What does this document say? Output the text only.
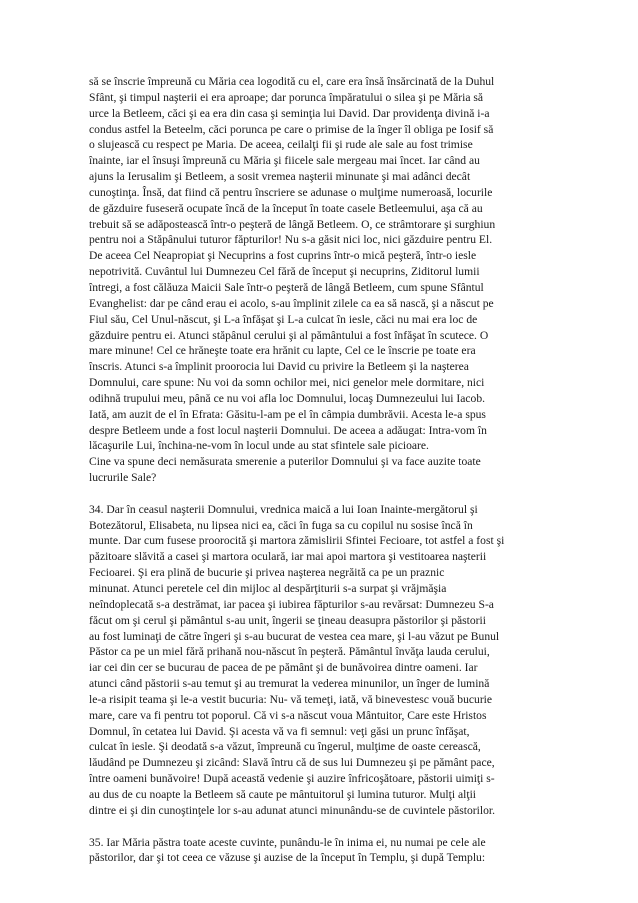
să se înscrie împreună cu Măria cea logodită cu el, care era însă însărcinată de la Duhul
Sfânt, şi timpul naşterii ei era aproape; dar porunca împăratului o silea şi pe Măria să
urce la Betleem, căci şi ea era din casa şi seminţia lui David. Dar providenţa divină i-a
condus astfel la Beteelm, căci porunca pe care o primise de la înger îl obliga pe Iosif să
o slujească cu respect pe Maria. De aceea, ceilalţi fii şi rude ale sale au fost trimise
înainte, iar el însuşi împreună cu Măria şi fiicele sale mergeau mai încet. Iar când au
ajuns la Ierusalim şi Betleem, a sosit vremea naşterii minunate şi mai adânci decât
cunoştinţa. Însă, dat fiind că pentru înscriere se adunase o mulţime numeroasă, locurile
de găzduire fuseseră ocupate încă de la început în toate casele Betleemului, aşa că au
trebuit să se adăpostească într-o peşteră de lângă Betleem. O, ce strâmtorare şi surghiun
pentru noi a Stăpânului tuturor făpturilor! Nu s-a găsit nici loc, nici găzduire pentru El.
De aceea Cel Neapropiat şi Necuprins a fost cuprins într-o mică peşteră, într-o iesle
nepotrivită. Cuvântul lui Dumnezeu Cel fără de început şi necuprins, Ziditorul lumii
întregi, a fost călăuza Maicii Sale într-o peşteră de lângă Betleem, cum spune Sfântul
Evanghelist: dar pe când erau ei acolo, s-au împlinit zilele ca ea să nască, şi a născut pe
Fiul său, Cel Unul-născut, şi L-a înfăşat şi L-a culcat în iesle, căci nu mai era loc de
găzduire pentru ei. Atunci stăpânul cerului şi al pământului a fost înfăşat în scutece. O
mare minune! Cel ce hrăneşte toate era hrănit cu lapte, Cel ce le înscrie pe toate era
înscris. Atunci s-a împlinit proorocia lui David cu privire la Betleem şi la naşterea
Domnului, care spune: Nu voi da somn ochilor mei, nici genelor mele dormitare, nici
odihnă trupului meu, până ce nu voi afla loc Domnului, locaş Dumnezeului lui Iacob.
Iată, am auzit de el în Efrata: Găsitu-l-am pe el în câmpia dumbrăvii. Acesta le-a spus
despre Betleem unde a fost locul naşterii Domnului. De aceea a adăugat: Intra-vom în
lăcaşurile Lui, închina-ne-vom în locul unde au stat sfintele sale picioare.
Cine va spune deci nemăsurata smerenie a puterilor Domnului şi va face auzite toate
lucrurile Sale?
34. Dar în ceasul naşterii Domnului, vrednica maică a lui Ioan Inainte-mergătorul şi
Botezătorul, Elisabeta, nu lipsea nici ea, căci în fuga sa cu copilul nu sosise încă în
munte. Dar cum fusese proorocită şi martora zămislirii Sfintei Fecioare, tot astfel a fost şi
păzitoare slăvită a casei şi martora oculară, iar mai apoi martora şi vestitoarea naşterii
Fecioarei. Şi era plină de bucurie şi privea naşterea negrăită ca pe un praznic
minunat. Atunci peretele cel din mijloc al despărţiturii s-a surpat şi vrăjmăşia
neîndoplecată s-a destrămat, iar pacea şi iubirea făpturilor s-au revărsat: Dumnezeu S-a
făcut om şi cerul şi pământul s-au unit, îngerii se ţineau deasupra păstorilor şi păstorii
au fost luminaţi de către îngeri şi s-au bucurat de vestea cea mare, şi l-au văzut pe Bunul
Păstor ca pe un miel fără prihană nou-născut în peşteră. Pământul învăţa lauda cerului,
iar cei din cer se bucurau de pacea de pe pământ şi de bunăvoirea dintre oameni. Iar
atunci când păstorii s-au temut şi au tremurat la vederea minunilor, un înger de lumină
le-a risipit teama şi le-a vestit bucuria: Nu- vă temeţi, iată, vă binevestesc vouă bucurie
mare, care va fi pentru tot poporul. Că vi s-a născut voua Mântuitor, Care este Hristos
Domnul, în cetatea lui David. Şi acesta vă va fi semnul: veţi găsi un prunc înfăşat,
culcat în iesle. Şi deodată s-a văzut, împreună cu îngerul, mulţime de oaste cerească,
lăudând pe Dumnezeu şi zicând: Slavă întru că de sus lui Dumnezeu şi pe pământ pace,
între oameni bunăvoire! După această vedenie şi auzire înfricoşătoare, păstorii uimiţi s-
au dus de cu noapte la Betleem să caute pe mântuitorul şi lumina tuturor. Mulţi alţii
dintre ei şi din cunoştinţele lor s-au adunat atunci minunându-se de cuvintele păstorilor.
35. Iar Măria păstra toate aceste cuvinte, punându-le în inima ei, nu numai pe cele ale
păstorilor, dar şi tot ceea ce văzuse şi auzise de la început în Templu, şi după Templu:
